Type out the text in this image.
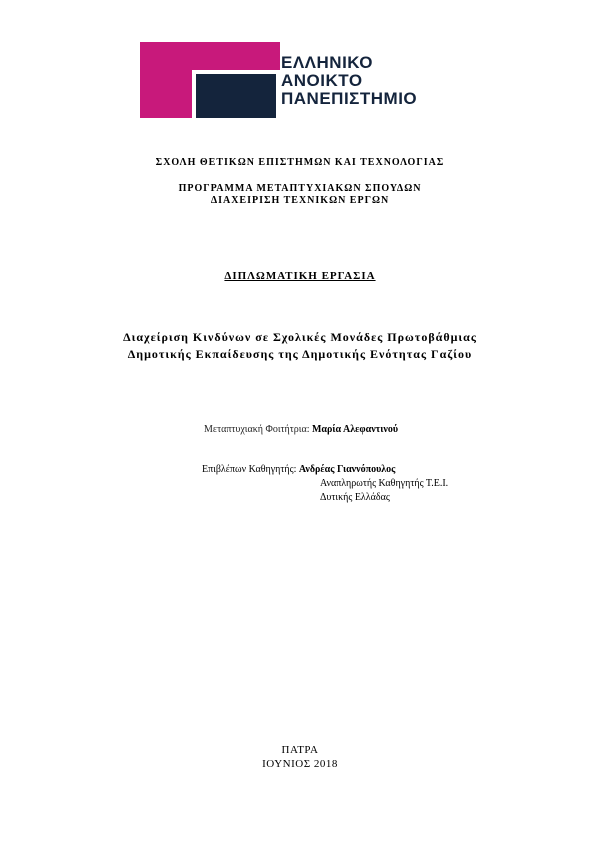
ΕΛΛΗΝΙΚΟ
ΑΝΟΙΚΤΟ
ΠΑΝΕΠΙΣΤΗΜΙΟ
ΣΧΟΛΗ ΘΕΤΙΚΩΝ ΕΠΙΣΤΗΜΩΝ ΚΑΙ ΤΕΧΝΟΛΟΓΙΑΣ
ΠΡΟΓΡΑΜΜΑ ΜΕΤΑΠΤΥΧΙΑΚΩΝ ΣΠΟΥΔΩΝ
ΔΙΑΧΕΙΡΙΣΗ ΤΕΧΝΙΚΩΝ ΕΡΓΩΝ
ΔΙΠΛΩΜΑΤΙΚΗ ΕΡΓΑΣΙΑ
Διαχείριση Κινδύνων σε Σχολικές Μονάδες Πρωτοβάθμιας
Δημοτικής Εκπαίδευσης της Δημοτικής Ενότητας Γαζίου
Μεταπτυχιακή Φοιτήτρια: Μαρία Αλεφαντινού
Επιβλέπων Καθηγητής: Ανδρέας Γιαννόπουλος
Αναπληρωτής Καθηγητής Τ.Ε.Ι.
Δυτικής Ελλάδας
ΠΑΤΡΑ
ΙΟΥΝΙΟΣ 2018
